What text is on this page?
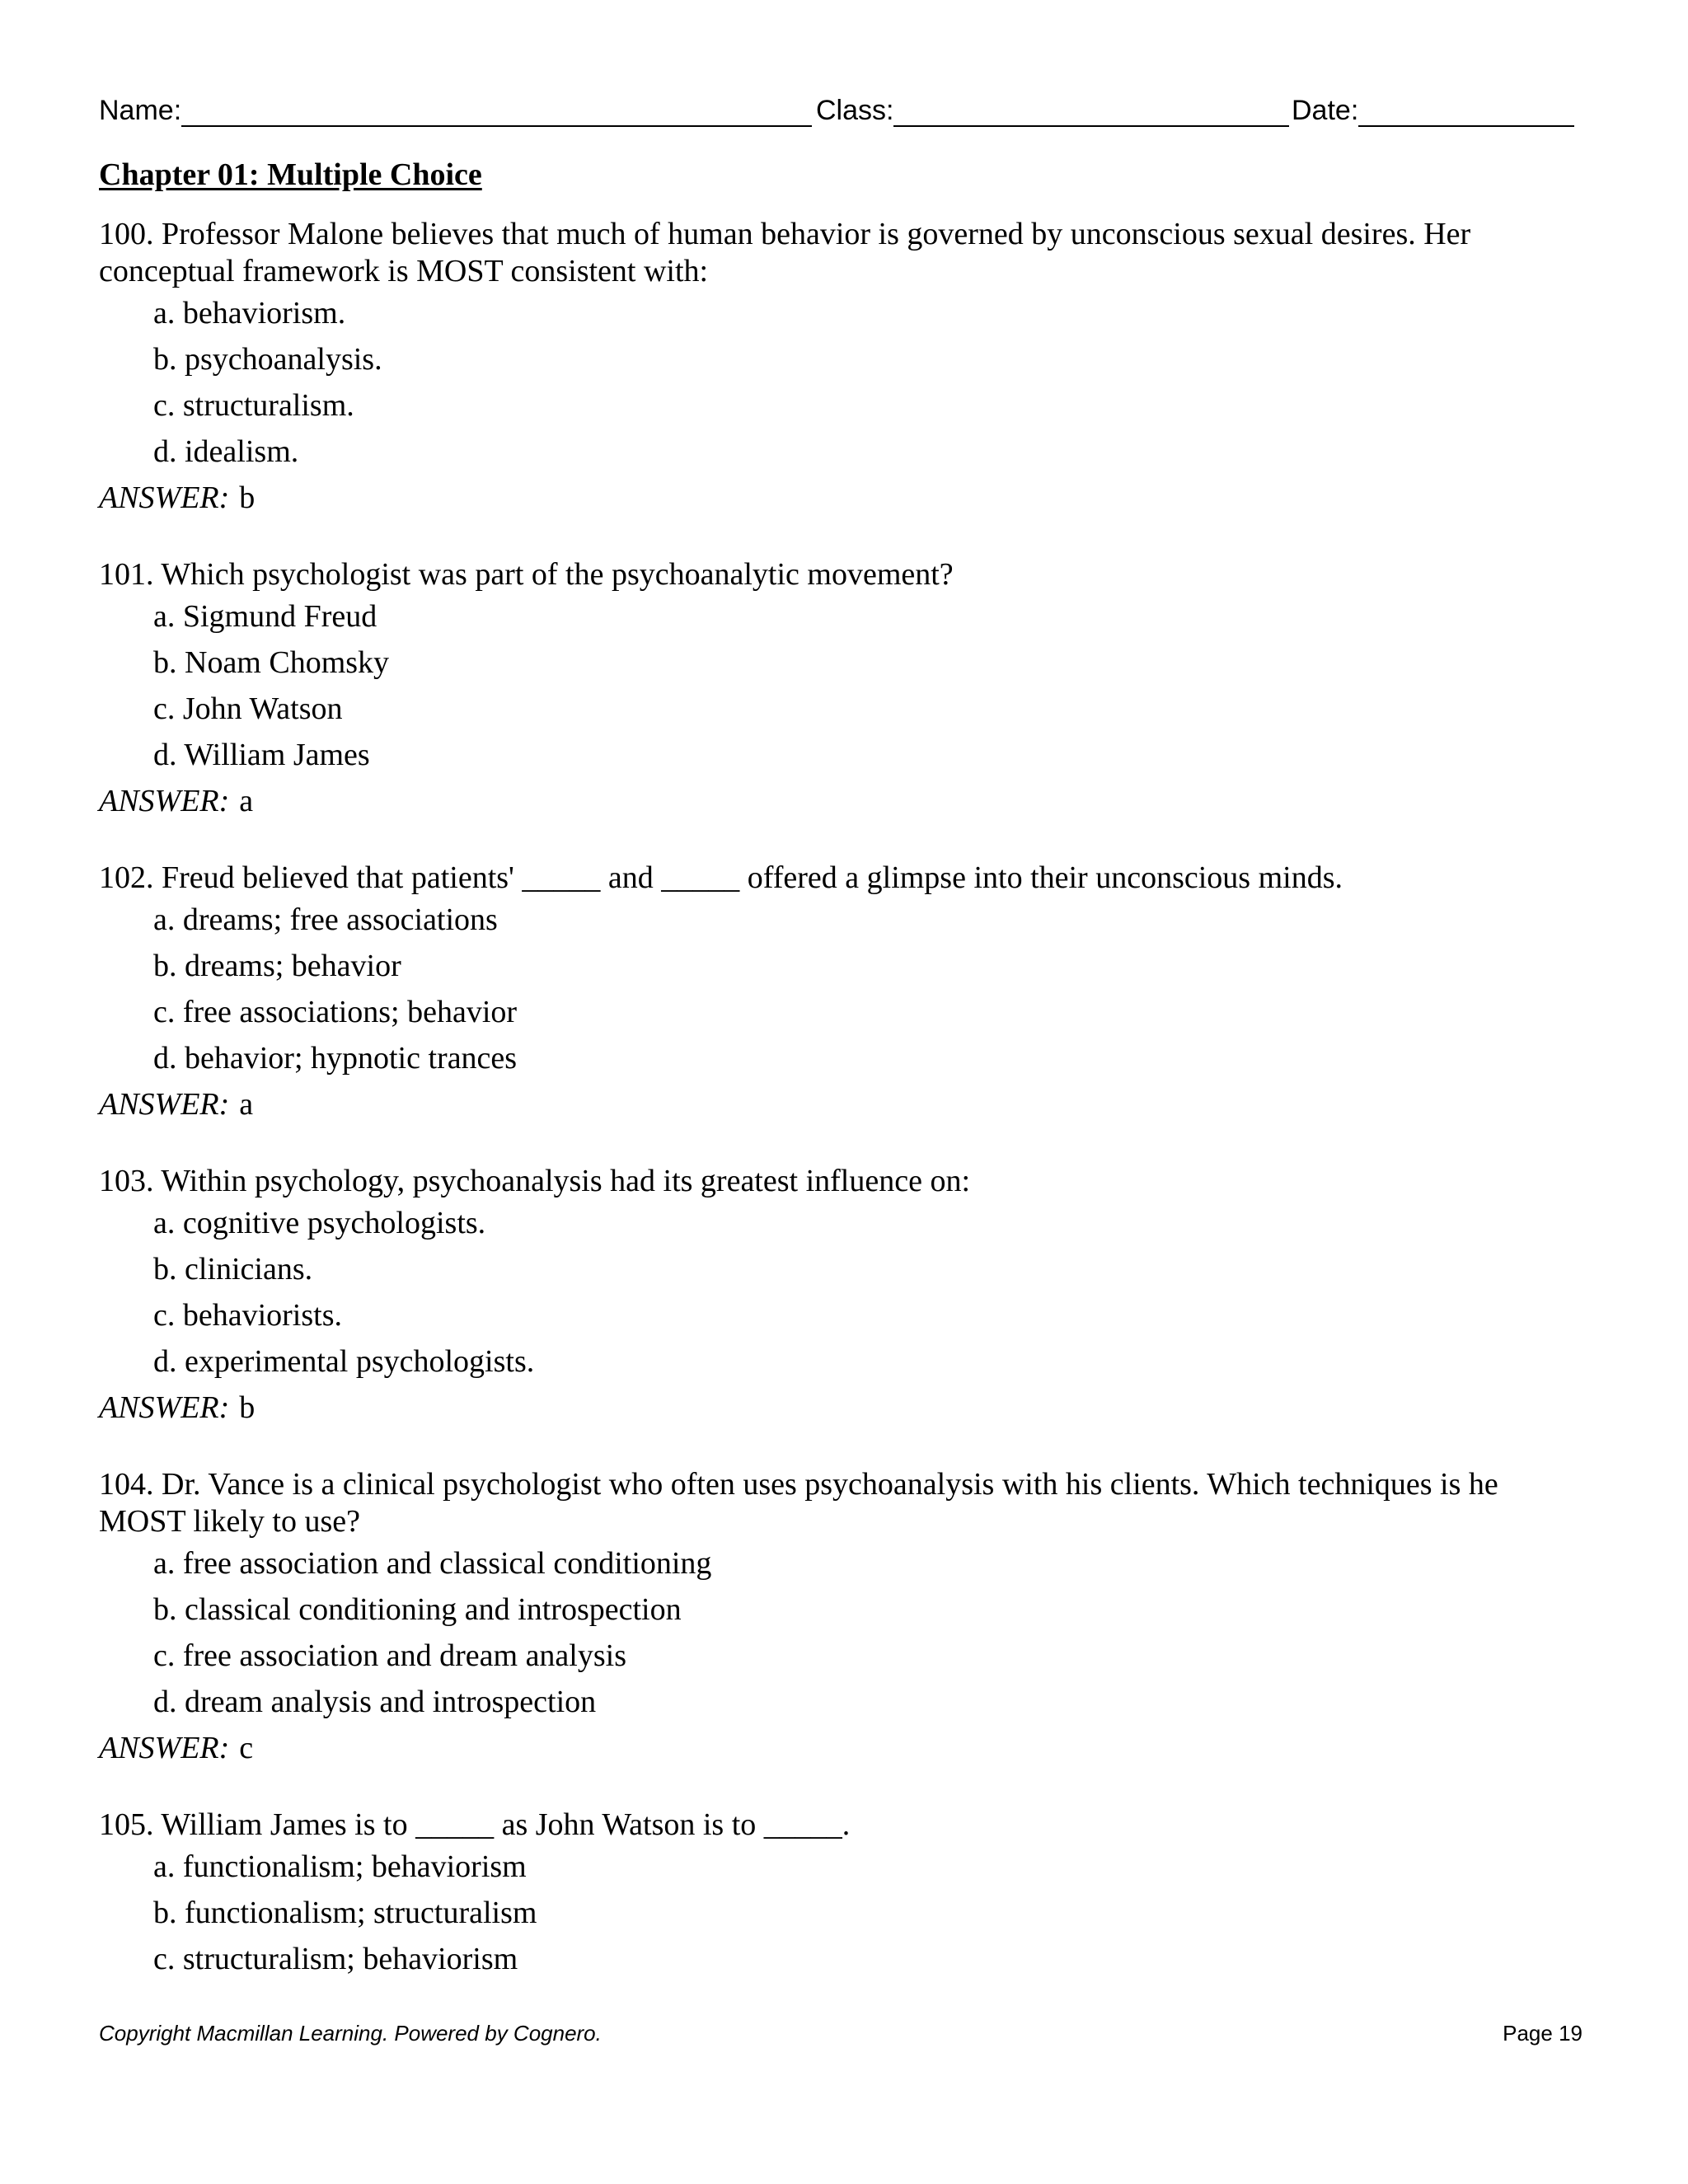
Name:	Class:	Date:
Chapter 01: Multiple Choice
100. Professor Malone believes that much of human behavior is governed by unconscious sexual desires. Her conceptual framework is MOST consistent with:
a. behaviorism.
b. psychoanalysis.
c. structuralism.
d. idealism.
ANSWER: b
101. Which psychologist was part of the psychoanalytic movement?
a. Sigmund Freud
b. Noam Chomsky
c. John Watson
d. William James
ANSWER: a
102. Freud believed that patients' _____ and _____ offered a glimpse into their unconscious minds.
a. dreams; free associations
b. dreams; behavior
c. free associations; behavior
d. behavior; hypnotic trances
ANSWER: a
103. Within psychology, psychoanalysis had its greatest influence on:
a. cognitive psychologists.
b. clinicians.
c. behaviorists.
d. experimental psychologists.
ANSWER: b
104. Dr. Vance is a clinical psychologist who often uses psychoanalysis with his clients. Which techniques is he MOST likely to use?
a. free association and classical conditioning
b. classical conditioning and introspection
c. free association and dream analysis
d. dream analysis and introspection
ANSWER: c
105. William James is to _____ as John Watson is to _____.
a. functionalism; behaviorism
b. functionalism; structuralism
c. structuralism; behaviorism
Copyright Macmillan Learning. Powered by Cognero.	Page 19
